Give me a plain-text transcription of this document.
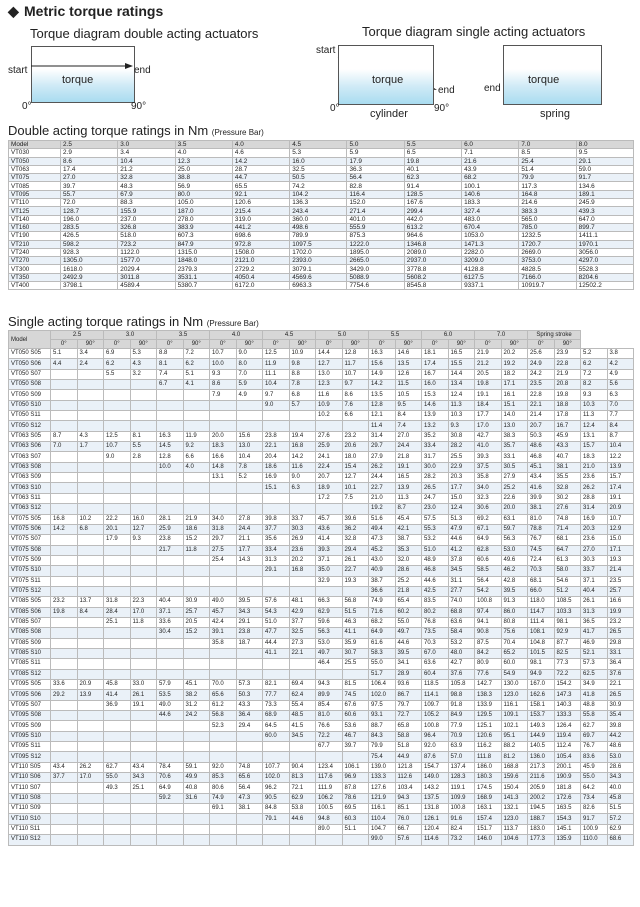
◆ Metric torque ratings
Torque diagram double acting actuators
start	end
torque
0°	90°
Torque diagram single acting actuators
start
end	end
torque	torque
0°	90°
cylinder	spring
Double acting torque ratings in Nm (Pressure Bar)
Model	2.5	3.0	3.5	4.0	4.5	5.0	5.5	6.0	7.0	8.0
VT030	2.9	3.4	4.0	4.6	5.3	5.9	6.5	7.1	8.5	9.5
VT050	8.6	10.4	12.3	14.2	16.0	17.9	19.8	21.6	25.4	29.1
VT063	17.4	21.2	25.0	28.7	32.5	36.3	40.1	43.9	51.4	59.0
VT075	27.0	32.8	38.8	44.7	50.5	56.4	62.3	68.2	79.9	91.7
VT085	39.7	48.3	56.9	65.5	74.2	82.8	91.4	100.1	117.3	134.6
VT095	55.7	67.9	80.0	92.1	104.2	116.4	128.5	140.6	164.8	189.1
VT110	72.0	88.3	105.0	120.6	136.3	152.0	167.6	183.3	214.6	245.9
VT125	128.7	155.9	187.0	215.4	243.4	271.4	299.4	327.4	383.3	439.3
VT140	196.0	237.0	278.0	319.0	360.0	401.0	442.0	483.0	565.0	647.0
VT160	283.5	326.8	383.9	441.2	498.6	555.9	613.2	670.4	785.0	899.7
VT190	426.5	518.0	607.3	698.6	789.9	875.3	964.6	1053.0	1232.5	1411.1
VT210	598.2	723.2	847.9	972.8	1097.5	1222.0	1346.8	1471.3	1720.7	1970.1
VT240	928.3	1122.0	1315.0	1508.0	1702.0	1895.0	2089.0	2282.0	2669.0	3056.0
VT270	1305.0	1577.0	1848.0	2121.0	2393.0	2665.0	2937.0	3209.0	3753.0	4297.0
VT300	1618.0	2029.4	2379.3	2729.2	3079.1	3429.0	3778.8	4128.8	4828.5	5528.3
VT350	2492.9	3011.8	3531.1	4050.4	4569.6	5088.9	5608.2	6127.5	7166.0	8204.6
VT400	3798.1	4589.4	5380.7	6172.0	6963.3	7754.6	8545.8	9337.1	10919.7	12502.2
Single acting torque ratings in Nm (Pressure Bar)
Model	2.5		3.0		3.5		4.0		4.5		5.0		5.5		6.0		7.0		Spring stroke			
	0°	90°	0°	90°	0°	90°	0°	90°	0°	90°	0°	90°	0°	90°	0°	90°	0°	90°	0°	90°		
VT050 S05	5.1	3.4	6.9	5.3	8.8	7.2	10.7	9.0	12.5	10.9	14.4	12.8	16.3	14.6	18.1	16.5	21.9	20.2	25.6	23.9	5.2	3.8
VT050 S06	4.4	2.4	6.2	4.3	8.1	6.2	10.0	8.0	11.9	9.8	12.7	11.7	15.6	13.5	17.4	15.5	21.2	19.2	24.9	22.8	6.2	4.2
VT050 S07			5.5	3.2	7.4	5.1	9.3	7.0	11.1	8.8	13.0	10.7	14.9	12.6	16.7	14.4	20.5	18.2	24.2	21.9	7.2	4.9
VT050 S08					6.7	4.1	8.6	5.9	10.4	7.8	12.3	9.7	14.2	11.5	16.0	13.4	19.8	17.1	23.5	20.8	8.2	5.6
VT050 S09							7.9	4.9	9.7	6.8	11.6	8.6	13.5	10.5	15.3	12.4	19.1	16.1	22.8	19.8	9.3	6.3
VT050 S10									9.0	5.7	10.9	7.6	12.8	9.5	14.6	11.3	18.4	15.1	22.1	18.8	10.3	7.0
VT050 S11											10.2	6.6	12.1	8.4	13.9	10.3	17.7	14.0	21.4	17.8	11.3	7.7
VT050 S12													11.4	7.4	13.2	9.3	17.0	13.0	20.7	16.7	12.4	8.4
VT063 S05	8.7	4.3	12.5	8.1	16.3	11.9	20.0	15.6	23.8	19.4	27.6	23.2	31.4	27.0	35.2	30.8	42.7	38.3	50.3	45.9	13.1	8.7
VT063 S06	7.0	1.7	10.7	5.5	14.5	9.2	18.3	13.0	22.1	16.8	25.9	20.6	29.7	24.4	33.4	28.2	41.0	35.7	48.6	43.3	15.7	10.4
VT063 S07			9.0	2.8	12.8	6.6	16.6	10.4	20.4	14.2	24.1	18.0	27.9	21.8	31.7	25.5	39.3	33.1	46.8	40.7	18.3	12.2
VT063 S08					10.0	4.0	14.8	7.8	18.6	11.6	22.4	15.4	26.2	19.1	30.0	22.9	37.5	30.5	45.1	38.1	21.0	13.9
VT063 S09							13.1	5.2	16.9	9.0	20.7	12.7	24.4	16.5	28.2	20.3	35.8	27.9	43.4	35.5	23.6	15.7
VT063 S10									15.1	6.3	18.9	10.1	22.7	13.9	26.5	17.7	34.0	25.2	41.6	32.8	26.2	17.4
VT063 S11											17.2	7.5	21.0	11.3	24.7	15.0	32.3	22.6	39.9	30.2	28.8	19.1
VT063 S12													19.2	8.7	23.0	12.4	30.6	20.0	38.1	27.6	31.4	20.9
VT075 S05	16.8	10.2	22.2	16.0	28.1	21.9	34.0	27.8	39.8	33.7	45.7	39.6	51.6	45.4	57.5	51.3	69.2	63.1	81.0	74.8	16.9	10.7
VT075 S06	14.2	6.8	20.1	12.7	25.9	18.6	31.8	24.4	37.7	30.3	43.6	36.2	49.4	42.1	55.3	47.9	67.1	59.7	78.8	71.4	20.3	12.9
VT075 S07			17.9	9.3	23.8	15.2	29.7	21.1	35.6	26.9	41.4	32.8	47.3	38.7	53.2	44.6	64.9	56.3	76.7	68.1	23.6	15.0
VT075 S08					21.7	11.8	27.5	17.7	33.4	23.6	39.3	29.4	45.2	35.3	51.0	41.2	62.8	53.0	74.5	64.7	27.0	17.1
VT075 S09							25.4	14.3	31.3	20.2	37.1	26.1	43.0	32.0	48.9	37.8	60.6	49.6	72.4	61.3	30.3	19.3
VT075 S10									29.1	16.8	35.0	22.7	40.9	28.6	46.8	34.5	58.5	46.2	70.3	58.0	33.7	21.4
VT075 S11											32.9	19.3	38.7	25.2	44.6	31.1	56.4	42.8	68.1	54.6	37.1	23.5
VT075 S12													36.6	21.8	42.5	27.7	54.2	39.5	66.0	51.2	40.4	25.7
VT085 S05	23.2	13.7	31.8	22.3	40.4	30.9	49.0	39.5	57.6	48.1	66.3	56.8	74.9	65.4	83.5	74.0	100.8	91.3	118.0	108.5	26.1	16.6
VT085 S06	19.8	8.4	28.4	17.0	37.1	25.7	45.7	34.3	54.3	42.9	62.9	51.5	71.6	60.2	80.2	68.8	97.4	86.0	114.7	103.3	31.3	19.9
VT085 S07			25.1	11.8	33.6	20.5	42.4	29.1	51.0	37.7	59.6	46.3	68.2	55.0	76.8	63.6	94.1	80.8	111.4	98.1	36.5	23.2
VT085 S08					30.4	15.2	39.1	23.8	47.7	32.5	56.3	41.1	64.9	49.7	73.5	58.4	90.8	75.6	108.1	92.9	41.7	26.5
VT085 S09							35.8	18.7	44.4	27.3	53.0	35.9	61.6	44.6	70.3	53.2	87.5	70.4	104.8	87.7	46.9	29.8
VT085 S10									41.1	22.1	49.7	30.7	58.3	39.5	67.0	48.0	84.2	65.2	101.5	82.5	52.1	33.1
VT085 S11											46.4	25.5	55.0	34.1	63.6	42.7	80.9	60.0	98.1	77.3	57.3	36.4
VT085 S12													51.7	28.9	60.4	37.6	77.6	54.9	94.9	72.2	62.5	37.6
VT095 S05	33.6	20.9	45.8	33.0	57.9	45.1	70.0	57.3	82.1	69.4	94.3	81.5	106.4	93.6	118.5	105.8	142.7	130.0	167.0	154.2	34.9	22.1
VT095 S06	29.2	13.9	41.4	26.1	53.5	38.2	65.6	50.3	77.7	62.4	89.9	74.5	102.0	86.7	114.1	98.8	138.3	123.0	162.6	147.3	41.8	26.5
VT095 S07			36.9	19.1	49.0	31.2	61.2	43.3	73.3	55.4	85.4	67.6	97.5	79.7	109.7	91.8	133.9	116.1	158.1	140.3	48.8	30.9
VT095 S08					44.6	24.2	56.8	36.4	68.9	48.5	81.0	60.6	93.1	72.7	105.2	84.9	129.5	109.1	153.7	133.3	55.8	35.4
VT095 S09							52.3	29.4	64.5	41.5	76.6	53.6	88.7	65.8	100.8	77.9	125.1	102.1	149.3	126.4	62.7	39.8
VT095 S10									60.0	34.5	72.2	46.7	84.3	58.8	96.4	70.9	120.6	95.1	144.9	119.4	69.7	44.2
VT095 S11											67.7	39.7	79.9	51.8	92.0	63.9	116.2	88.2	140.5	112.4	76.7	48.6
VT095 S12													75.4	44.9	87.6	57.0	111.8	81.2	136.0	105.4	83.6	53.0
VT110 S05	43.4	26.2	62.7	43.4	78.4	59.1	92.0	74.8	107.7	90.4	123.4	106.1	139.0	121.8	154.7	137.4	186.0	168.8	217.3	200.1	45.9	28.6
VT110 S06	37.7	17.0	55.0	34.3	70.6	49.9	85.3	65.6	102.0	81.3	117.6	96.9	133.3	112.6	149.0	128.3	180.3	159.6	211.6	190.9	55.0	34.3
VT110 S07			49.3	25.1	64.9	40.8	80.6	56.4	96.2	72.1	111.9	87.8	127.6	103.4	143.2	119.1	174.5	150.4	205.9	181.8	64.2	40.0
VT110 S08					59.2	31.6	74.9	47.3	90.5	62.9	106.2	78.6	121.9	94.3	137.5	109.9	168.9	141.3	200.2	172.6	73.4	45.8
VT110 S09							69.1	38.1	84.8	53.8	100.5	69.5	116.1	85.1	131.8	100.8	163.1	132.1	194.5	163.5	82.6	51.5
VT110 S10									79.1	44.6	94.8	60.3	110.4	76.0	126.1	91.6	157.4	123.0	188.7	154.3	91.7	57.2
VT110 S11											89.0	51.1	104.7	66.7	120.4	82.4	151.7	113.7	183.0	145.1	100.9	62.9
VT110 S12													99.0	57.6	114.6	73.2	146.0	104.6	177.3	135.9	110.0	68.6
